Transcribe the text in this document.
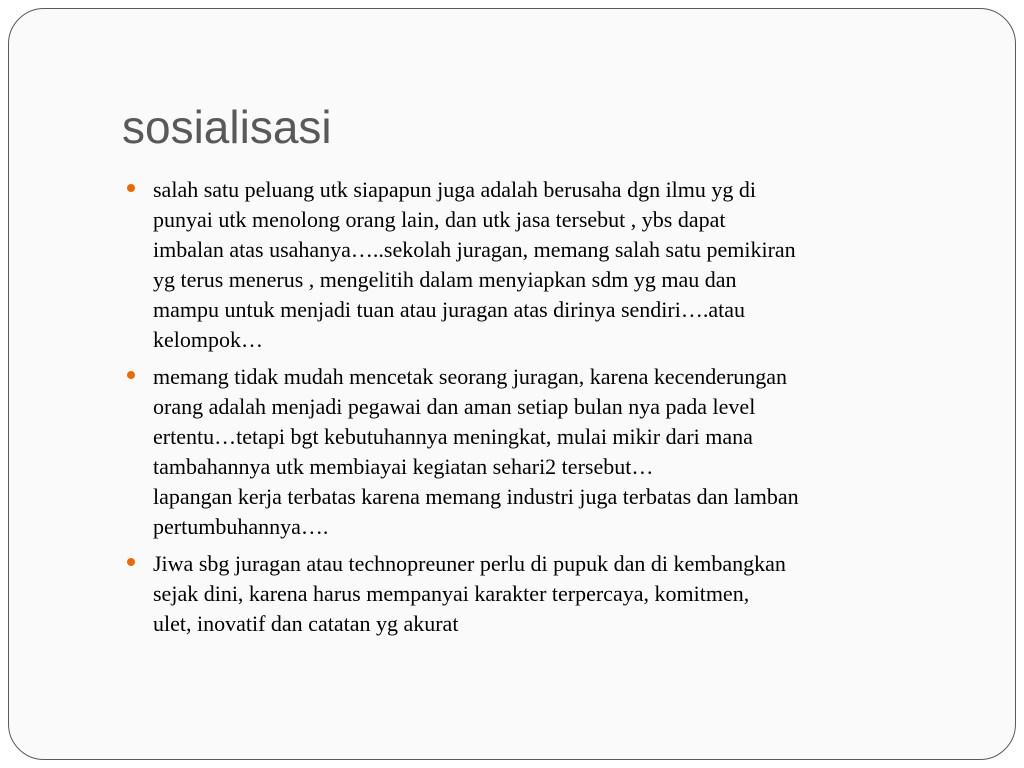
sosialisasi
salah satu peluang utk siapapun juga adalah berusaha dgn ilmu yg di
punyai utk menolong orang lain, dan utk jasa tersebut , ybs dapat
imbalan atas usahanya…..sekolah juragan, memang salah satu pemikiran
yg terus menerus , mengelitih dalam menyiapkan sdm yg mau dan
mampu untuk menjadi tuan atau juragan atas dirinya sendiri….atau
kelompok…
memang tidak mudah mencetak seorang juragan, karena kecenderungan
orang adalah menjadi pegawai dan aman setiap bulan nya pada level
ertentu…tetapi bgt kebutuhannya meningkat, mulai mikir dari mana
tambahannya utk membiayai kegiatan sehari2 tersebut…
lapangan kerja terbatas karena memang industri juga terbatas dan lamban
pertumbuhannya….
Jiwa sbg juragan atau technopreuner perlu di pupuk dan di kembangkan
sejak dini, karena harus mempanyai karakter terpercaya, komitmen,
ulet, inovatif dan catatan yg akurat
